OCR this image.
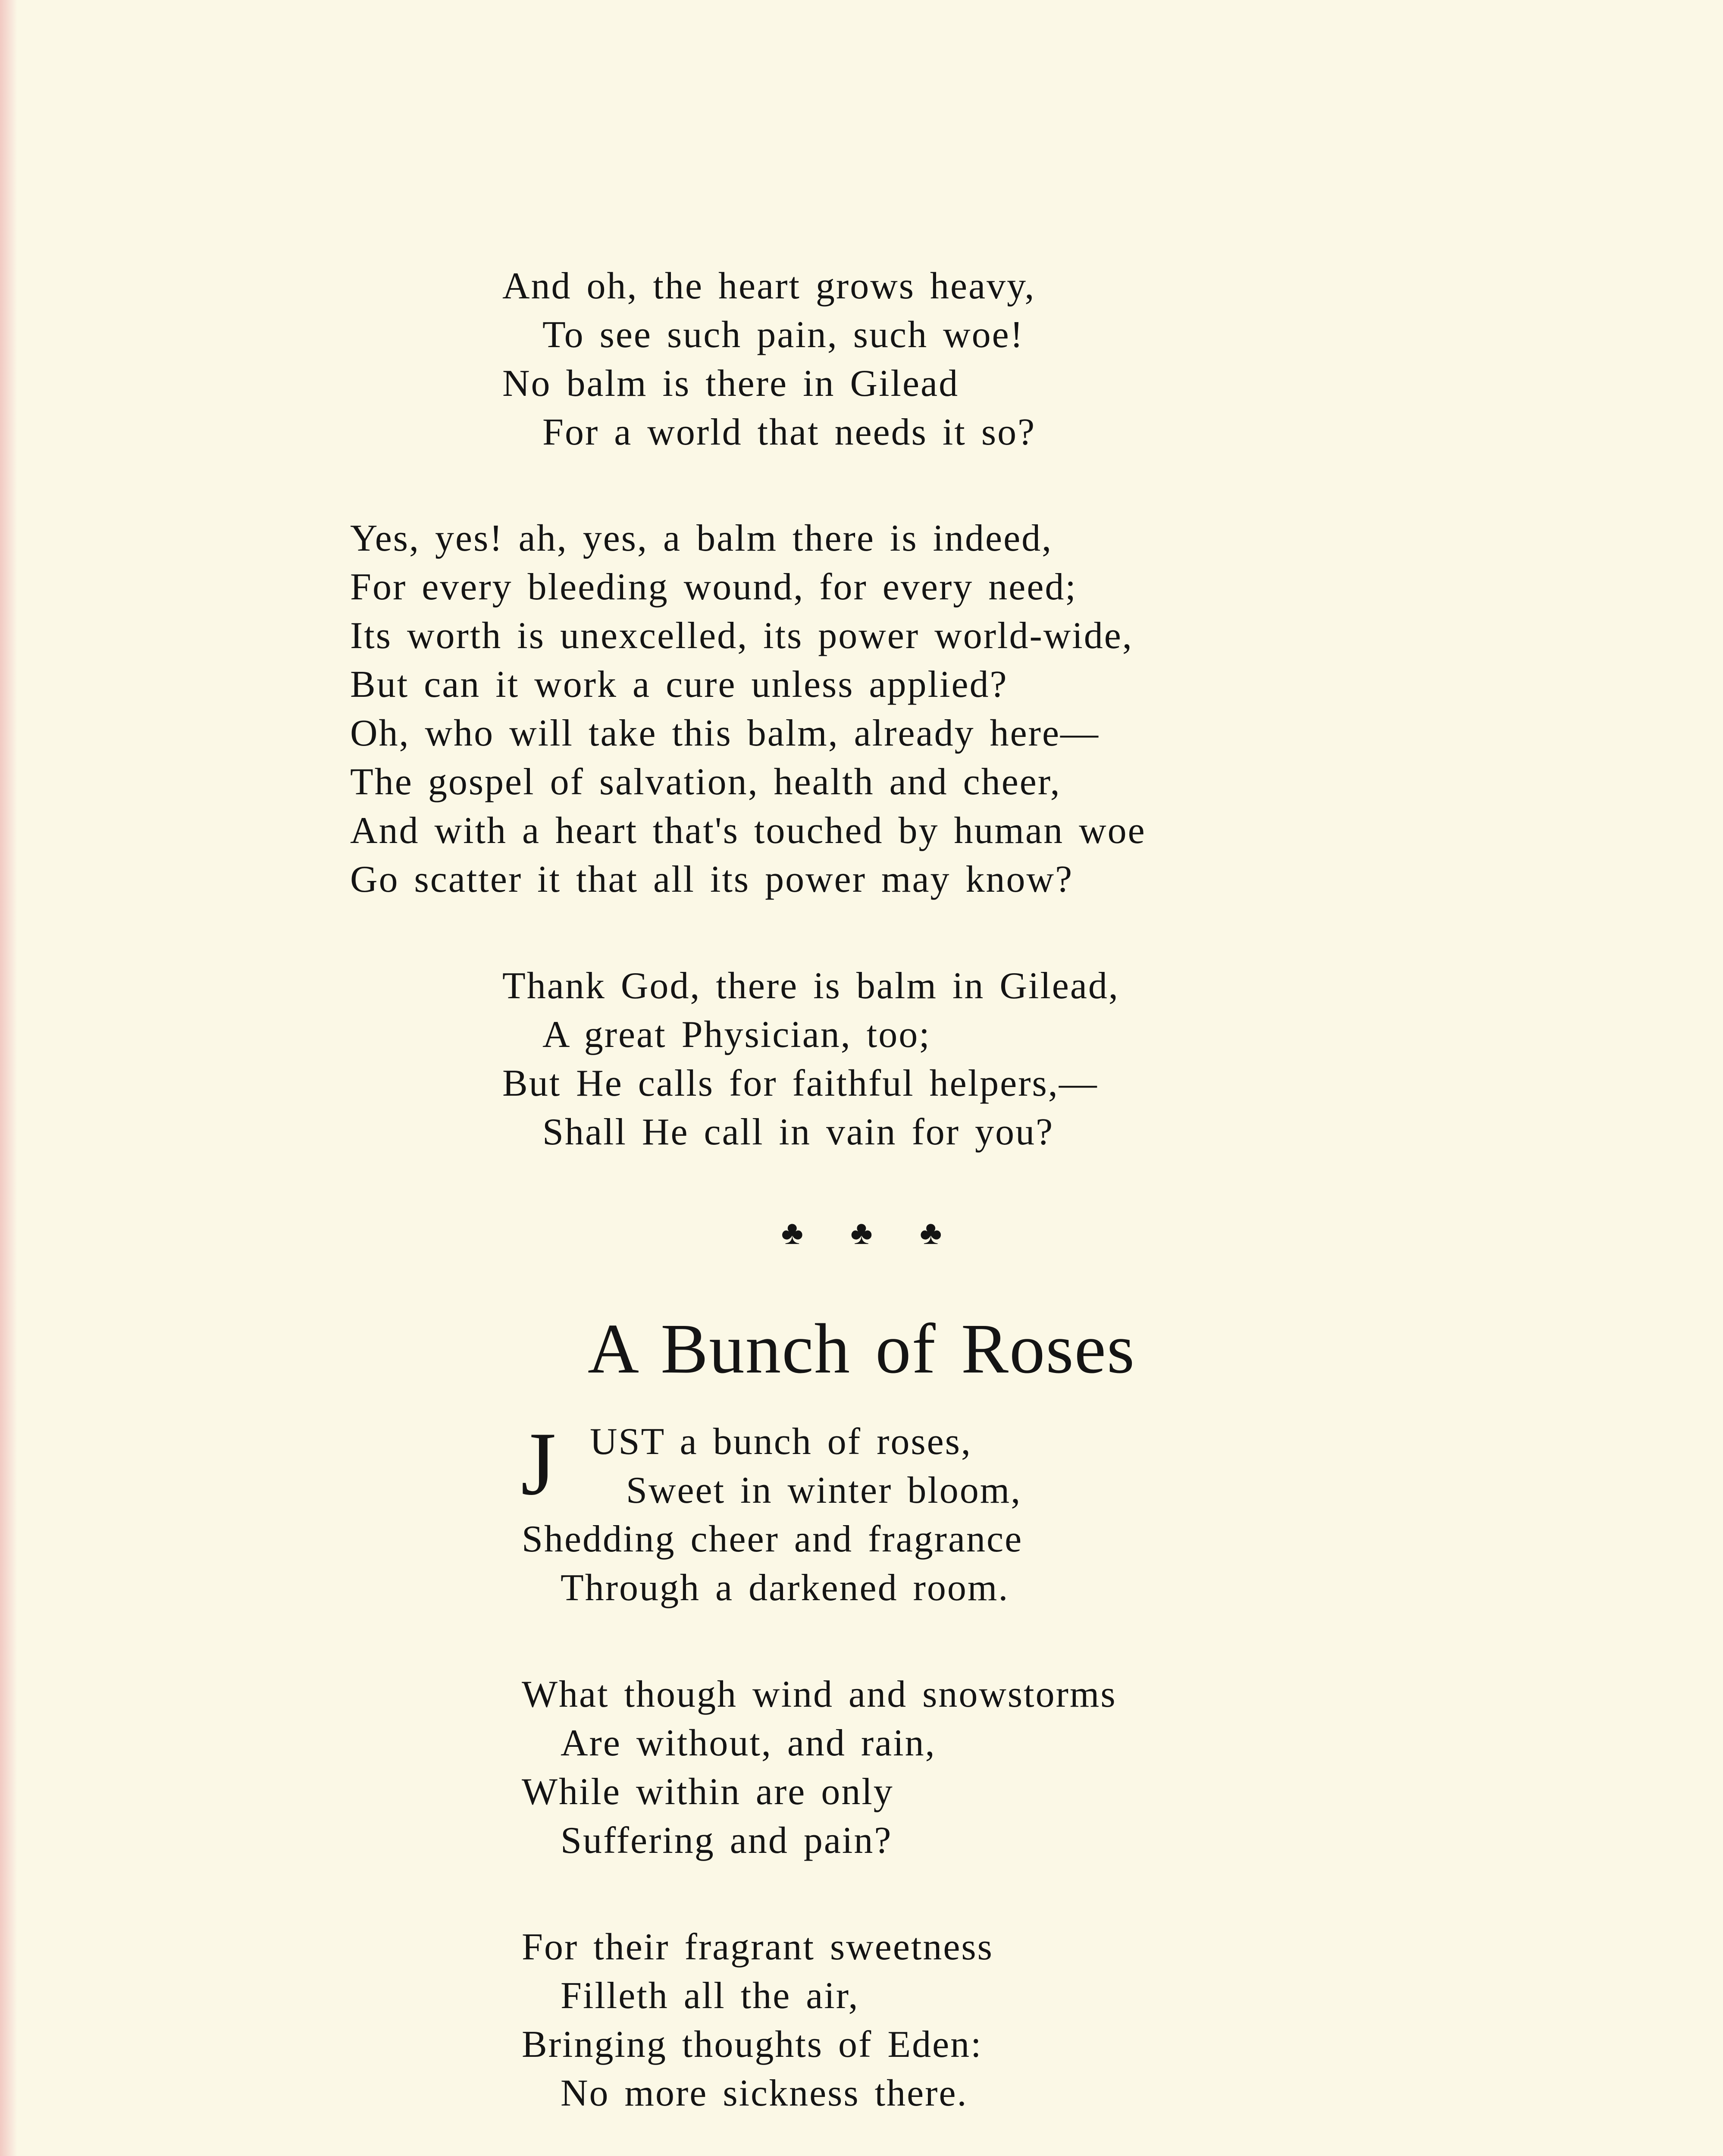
And oh, the heart grows heavy,
To see such pain, such woe!
No balm is there in Gilead
For a world that needs it so?
Yes, yes! ah, yes, a balm there is indeed,
For every bleeding wound, for every need;
Its worth is unexcelled, its power world-wide,
But can it work a cure unless applied?
Oh, who will take this balm, already here—
The gospel of salvation, health and cheer,
And with a heart that's touched by human woe
Go scatter it that all its power may know?
Thank God, there is balm in Gilead,
A great Physician, too;
But He calls for faithful helpers,—
Shall He call in vain for you?
♣ ♣ ♣
A Bunch of Roses
J UST a bunch of roses,
Sweet in winter bloom,
Shedding cheer and fragrance
Through a darkened room.
What though wind and snowstorms
Are without, and rain,
While within are only
Suffering and pain?
For their fragrant sweetness
Filleth all the air,
Bringing thoughts of Eden:
No more sickness there.
